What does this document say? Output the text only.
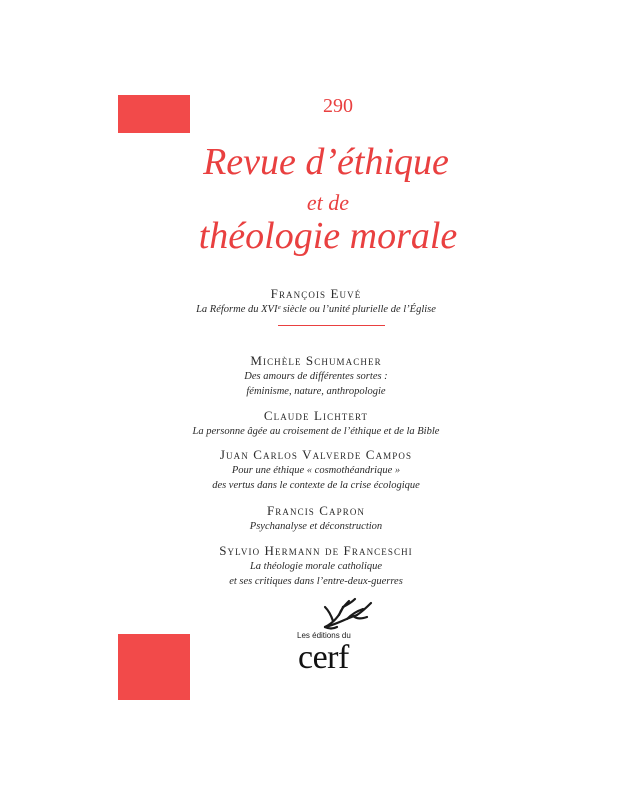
290
Revue d’éthique
et de
théologie morale
François Euvé
La Réforme du XVIᵉ siècle ou l’unité plurielle de l’Église
Michèle Schumacher
Des amours de différentes sortes :
féminisme, nature, anthropologie
Claude Lichtert
La personne âgée au croisement de l’éthique et de la Bible
Juan Carlos Valverde Campos
Pour une éthique « cosmothéandrique »
des vertus dans le contexte de la crise écologique
Francis Capron
Psychanalyse et déconstruction
Sylvio Hermann de Franceschi
La théologie morale catholique
et ses critiques dans l’entre-deux-guerres
Les éditions du
cerf
